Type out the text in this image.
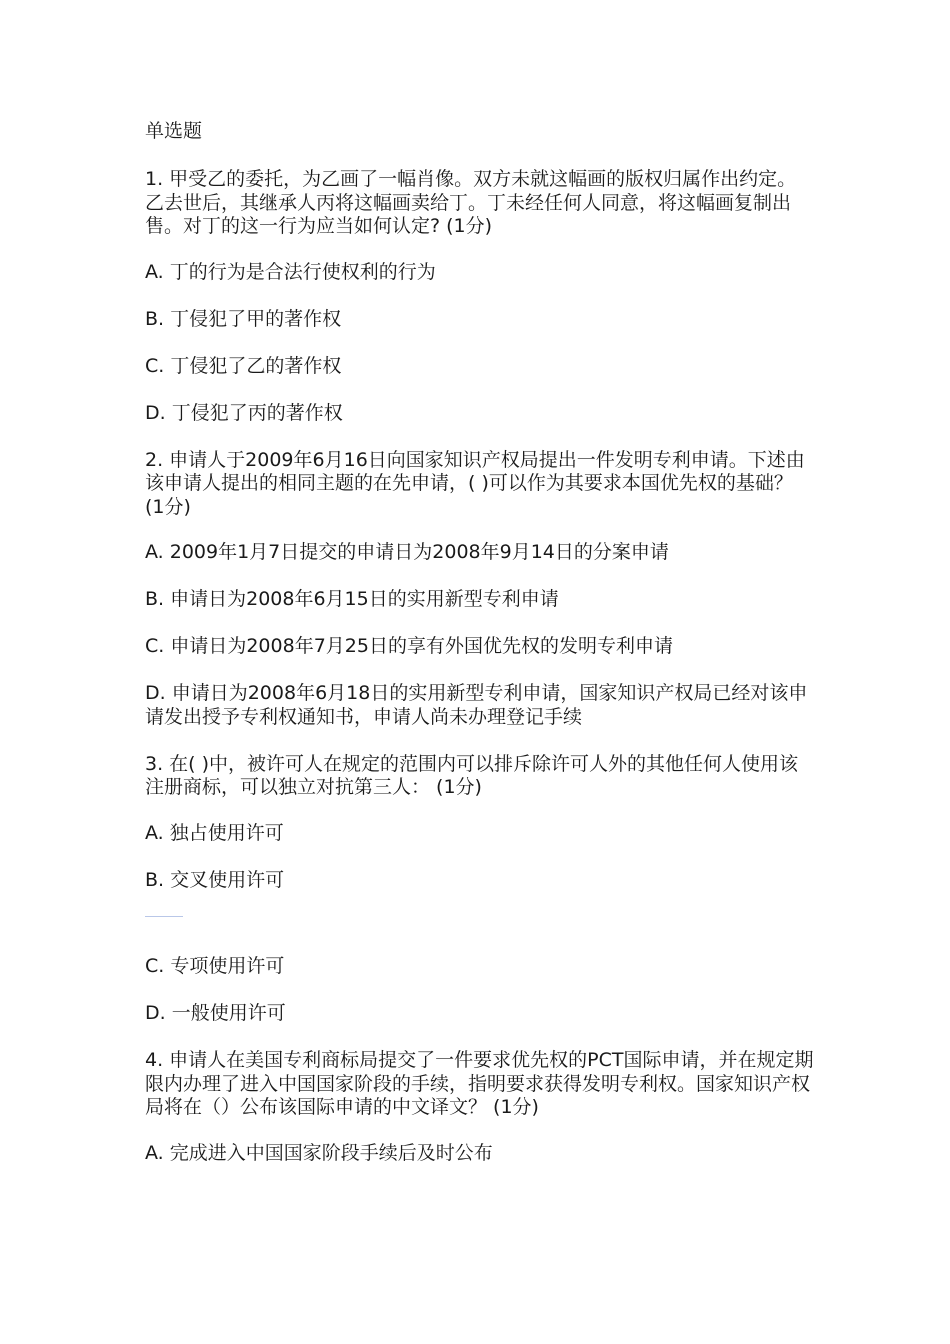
单选题
1. 甲受乙的委托，为乙画了一幅肖像。双方未就这幅画的版权归属作出约定。乙去世后，其继承人丙将这幅画卖给丁。丁未经任何人同意，将这幅画复制出售。对丁的这一行为应当如何认定? (1分)
A. 丁的行为是合法行使权利的行为
B. 丁侵犯了甲的著作权
C. 丁侵犯了乙的著作权
D. 丁侵犯了丙的著作权
2. 申请人于2009年6月16日向国家知识产权局提出一件发明专利申请。下述由该申请人提出的相同主题的在先申请，( )可以作为其要求本国优先权的基础？ (1分)
A. 2009年1月7日提交的申请日为2008年9月14日的分案申请
B. 申请日为2008年6月15日的实用新型专利申请
C. 申请日为2008年7月25日的享有外国优先权的发明专利申请
D. 申请日为2008年6月18日的实用新型专利申请，国家知识产权局已经对该申请发出授予专利权通知书，申请人尚未办理登记手续
3. 在( )中，被许可人在规定的范围内可以排斥除许可人外的其他任何人使用该注册商标，可以独立对抗第三人： (1分)
A. 独占使用许可
B. 交叉使用许可
C. 专项使用许可
D. 一般使用许可
4. 申请人在美国专利商标局提交了一件要求优先权的PCT国际申请，并在规定期限内办理了进入中国国家阶段的手续，指明要求获得发明专利权。国家知识产权局将在（）公布该国际申请的中文译文？ (1分)
A. 完成进入中国国家阶段手续后及时公布
